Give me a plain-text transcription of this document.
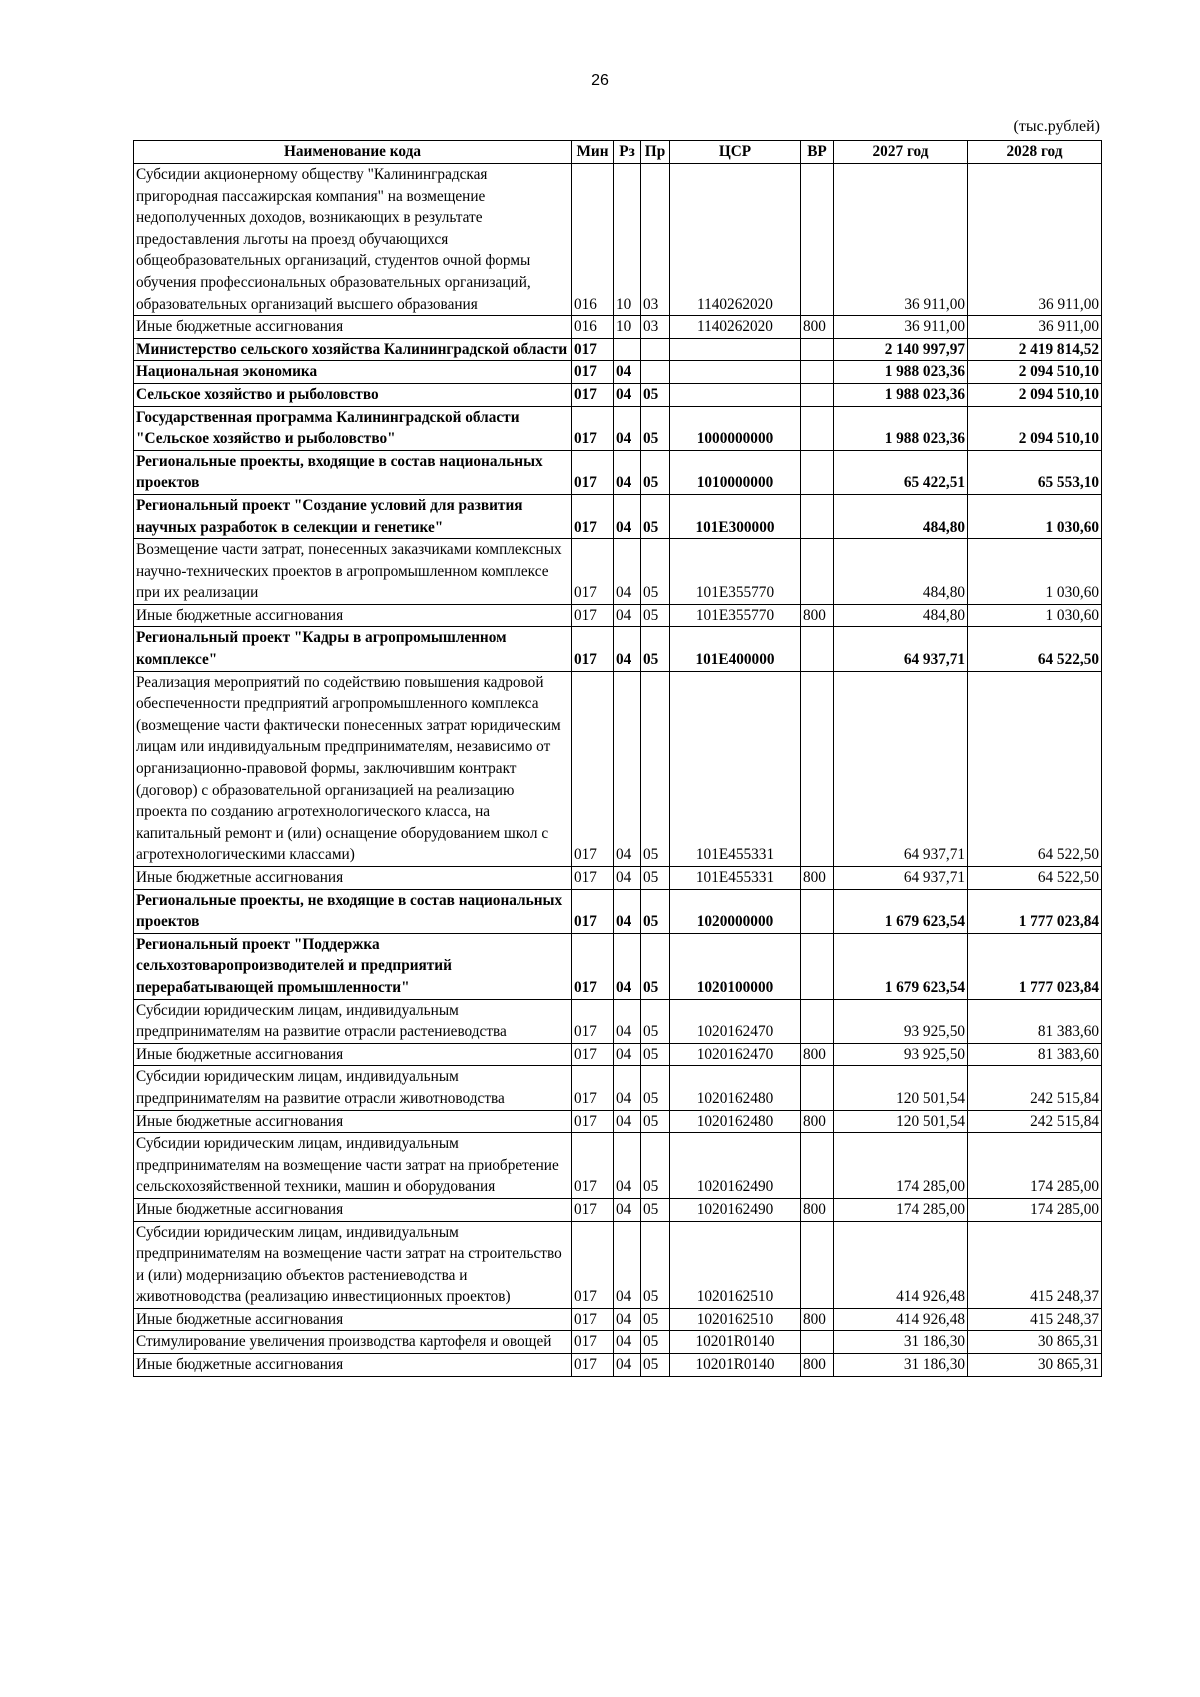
26
(тыс.рублей)
Наименование кода	Мин	Рз	Пр	ЦСР	ВР	2027 год	2028 год
Субсидии акционерному обществу "Калининградская пригородная пассажирская компания" на возмещение недополученных доходов, возникающих в результате предоставления льготы на проезд обучающихся общеобразовательных организаций, студентов очной формы обучения профессиональных образовательных организаций, образовательных организаций высшего образования	016	10	03	1140262020		36 911,00	36 911,00
Иные бюджетные ассигнования	016	10	03	1140262020	800	36 911,00	36 911,00
Министерство сельского хозяйства Калининградской области	017					2 140 997,97	2 419 814,52
Национальная экономика	017	04				1 988 023,36	2 094 510,10
Сельское хозяйство и рыболовство	017	04	05			1 988 023,36	2 094 510,10
Государственная программа Калининградской области "Сельское хозяйство и рыболовство"	017	04	05	1000000000		1 988 023,36	2 094 510,10
Региональные проекты, входящие в состав национальных проектов	017	04	05	1010000000		65 422,51	65 553,10
Региональный проект "Создание условий для развития научных разработок в селекции и генетике"	017	04	05	101Е300000		484,80	1 030,60
Возмещение части затрат, понесенных заказчиками комплексных научно-технических проектов в агропромышленном комплексе при их реализации	017	04	05	101Е355770		484,80	1 030,60
Иные бюджетные ассигнования	017	04	05	101Е355770	800	484,80	1 030,60
Региональный проект "Кадры в агропромышленном комплексе"	017	04	05	101Е400000		64 937,71	64 522,50
Реализация мероприятий по содействию повышения кадровой обеспеченности предприятий агропромышленного комплекса (возмещение части фактически понесенных затрат юридическим лицам или индивидуальным предпринимателям, независимо от организационно-правовой формы, заключившим контракт (договор) с образовательной организацией на реализацию проекта по созданию агротехнологического класса, на капитальный ремонт и (или) оснащение оборудованием школ с агротехнологическими классами)	017	04	05	101Е455331		64 937,71	64 522,50
Иные бюджетные ассигнования	017	04	05	101Е455331	800	64 937,71	64 522,50
Региональные проекты, не входящие в состав национальных проектов	017	04	05	1020000000		1 679 623,54	1 777 023,84
Региональный проект "Поддержка сельхозтоваропроизводителей и предприятий перерабатывающей промышленности"	017	04	05	1020100000		1 679 623,54	1 777 023,84
Субсидии юридическим лицам, индивидуальным предпринимателям на развитие отрасли растениеводства	017	04	05	1020162470		93 925,50	81 383,60
Иные бюджетные ассигнования	017	04	05	1020162470	800	93 925,50	81 383,60
Субсидии юридическим лицам, индивидуальным предпринимателям на развитие отрасли животноводства	017	04	05	1020162480		120 501,54	242 515,84
Иные бюджетные ассигнования	017	04	05	1020162480	800	120 501,54	242 515,84
Субсидии юридическим лицам, индивидуальным предпринимателям на возмещение части затрат на приобретение сельскохозяйственной техники, машин и оборудования	017	04	05	1020162490		174 285,00	174 285,00
Иные бюджетные ассигнования	017	04	05	1020162490	800	174 285,00	174 285,00
Субсидии юридическим лицам, индивидуальным предпринимателям на возмещение части затрат на строительство и (или) модернизацию объектов растениеводства и животноводства (реализацию инвестиционных проектов)	017	04	05	1020162510		414 926,48	415 248,37
Иные бюджетные ассигнования	017	04	05	1020162510	800	414 926,48	415 248,37
Стимулирование увеличения производства картофеля и овощей	017	04	05	10201R0140		31 186,30	30 865,31
Иные бюджетные ассигнования	017	04	05	10201R0140	800	31 186,30	30 865,31
